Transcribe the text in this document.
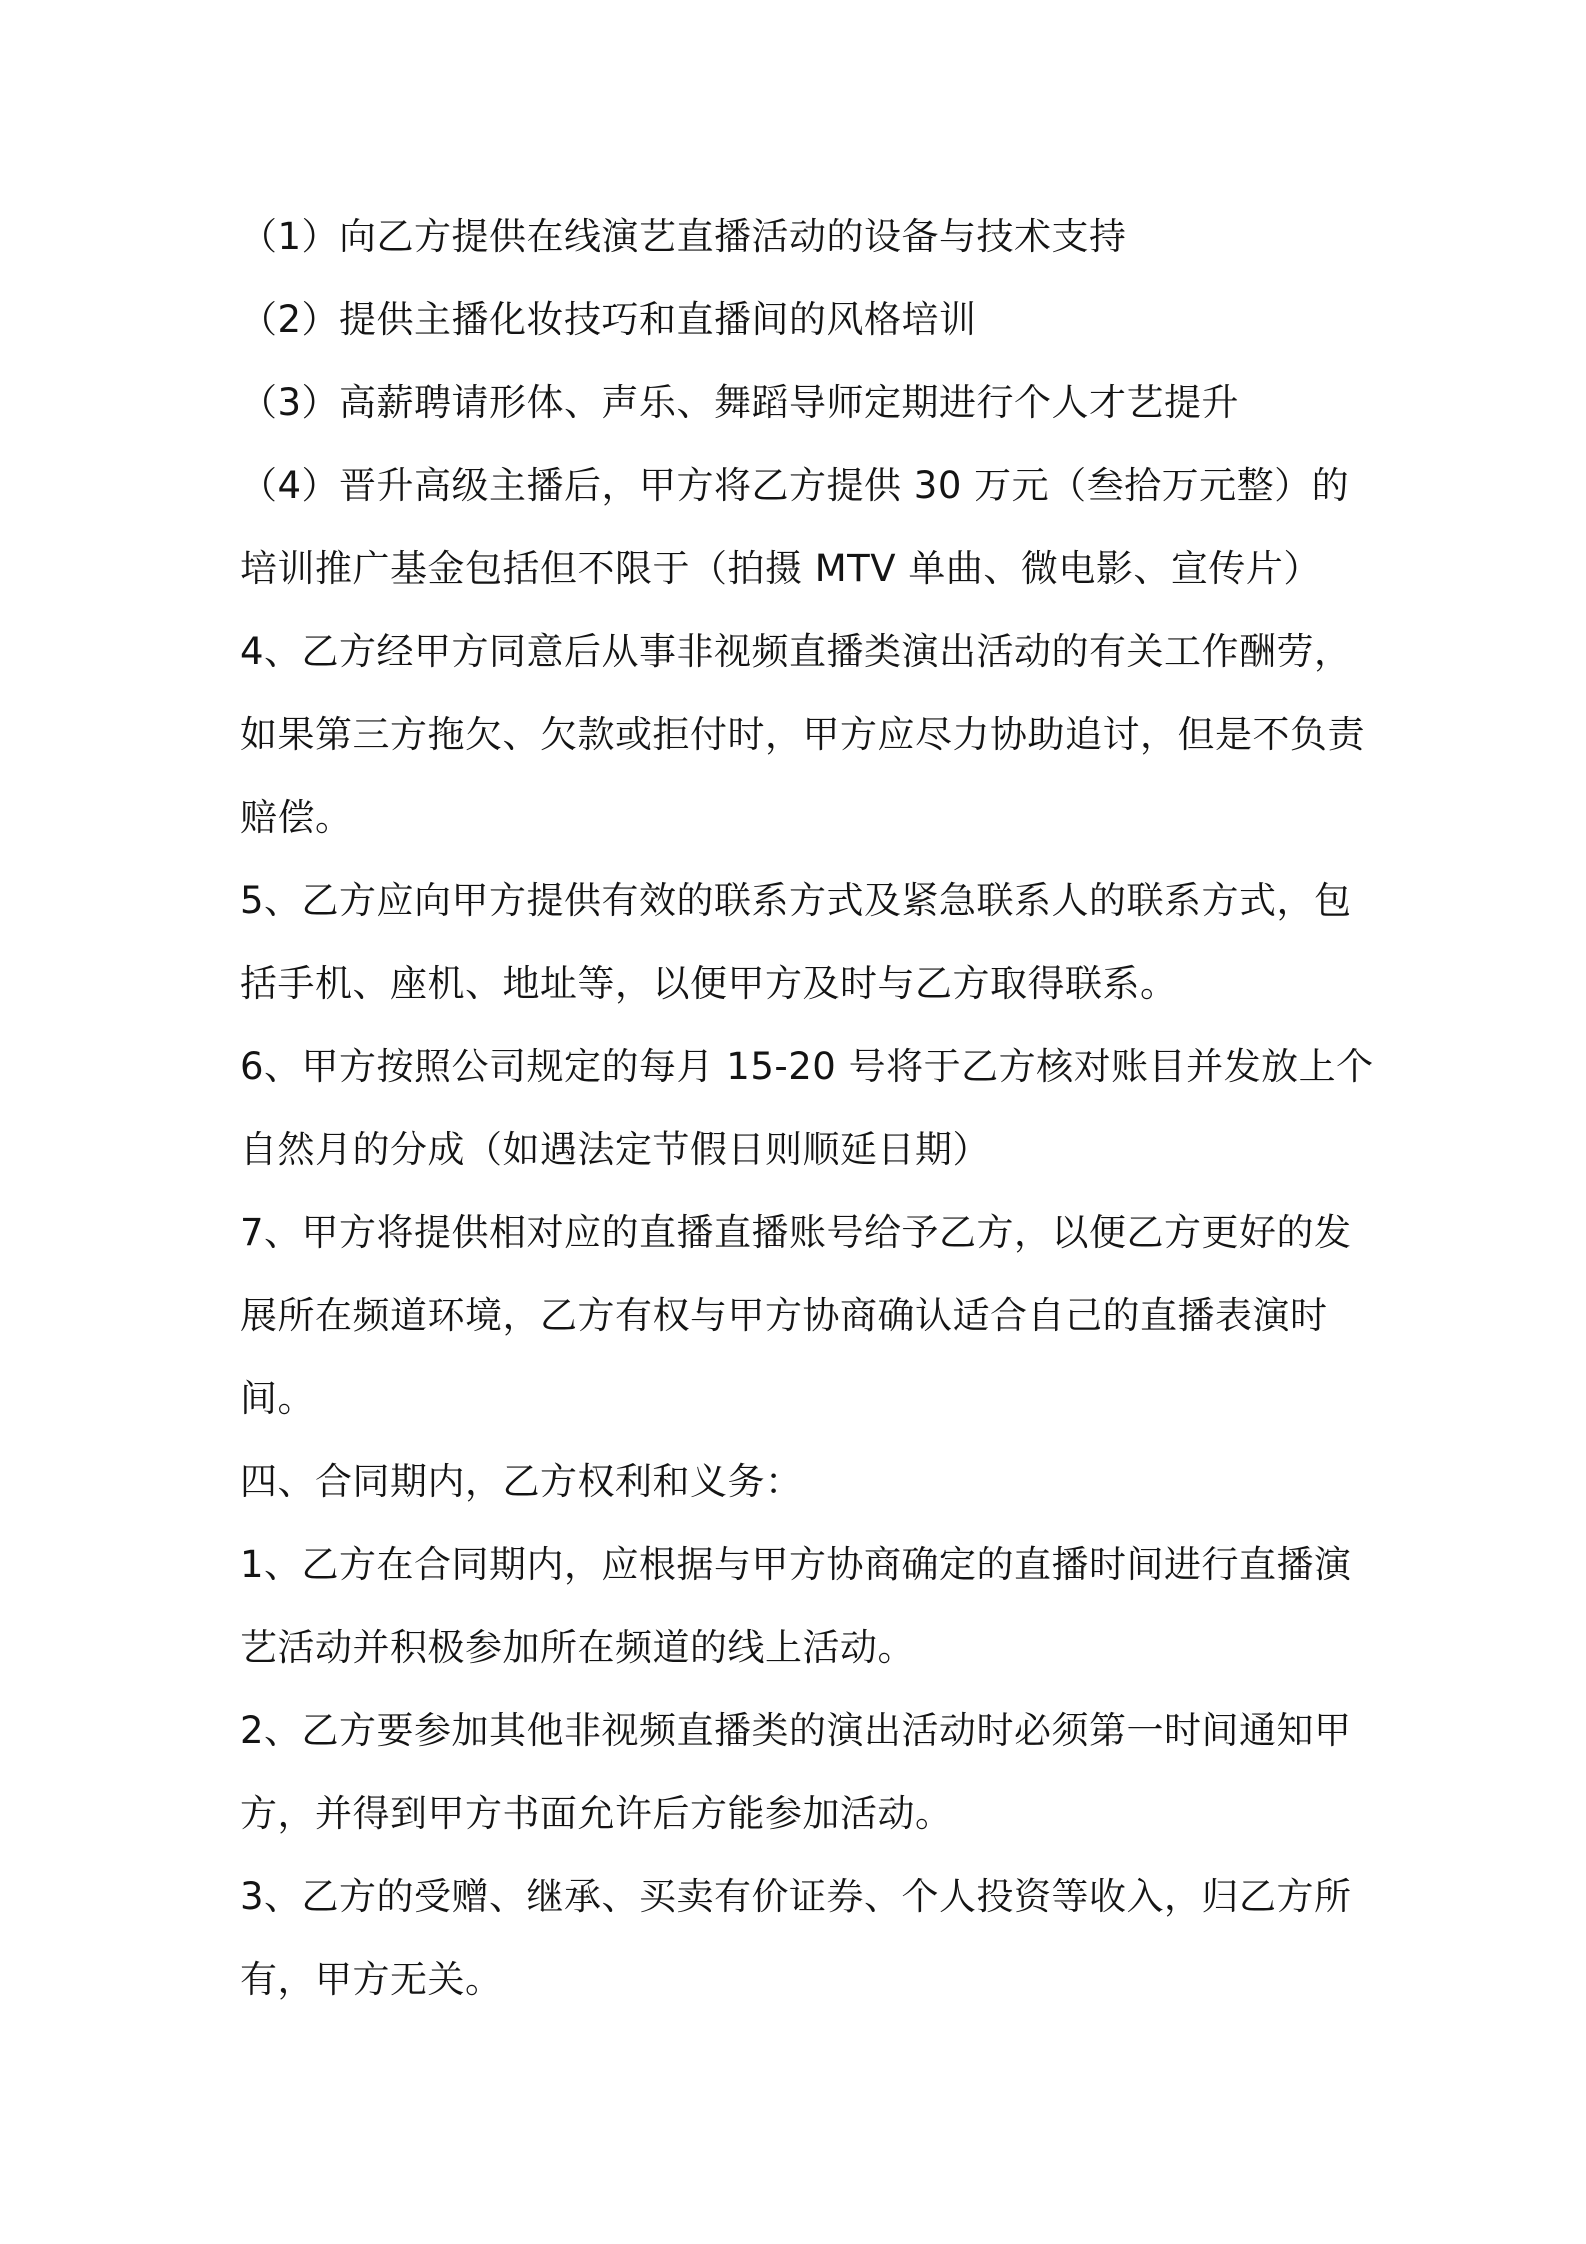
（1）向乙方提供在线演艺直播活动的设备与技术支持
（2）提供主播化妆技巧和直播间的风格培训
（3）高薪聘请形体、声乐、舞蹈导师定期进行个人才艺提升
（4）晋升高级主播后，甲方将乙方提供 30 万元（叁拾万元整）的
培训推广基金包括但不限于（拍摄 MTV 单曲、微电影、宣传片）
4、乙方经甲方同意后从事非视频直播类演出活动的有关工作酬劳，
如果第三方拖欠、欠款或拒付时，甲方应尽力协助追讨，但是不负责
赔偿。
5、乙方应向甲方提供有效的联系方式及紧急联系人的联系方式，包
括手机、座机、地址等，以便甲方及时与乙方取得联系。
6、甲方按照公司规定的每月 15-20 号将于乙方核对账目并发放上个
自然月的分成（如遇法定节假日则顺延日期）
7、甲方将提供相对应的直播直播账号给予乙方，以便乙方更好的发
展所在频道环境，乙方有权与甲方协商确认适合自己的直播表演时
间。
四、合同期内，乙方权利和义务：
1、乙方在合同期内，应根据与甲方协商确定的直播时间进行直播演
艺活动并积极参加所在频道的线上活动。
2、乙方要参加其他非视频直播类的演出活动时必须第一时间通知甲
方，并得到甲方书面允许后方能参加活动。
3、乙方的受赠、继承、买卖有价证券、个人投资等收入，归乙方所
有，甲方无关。
